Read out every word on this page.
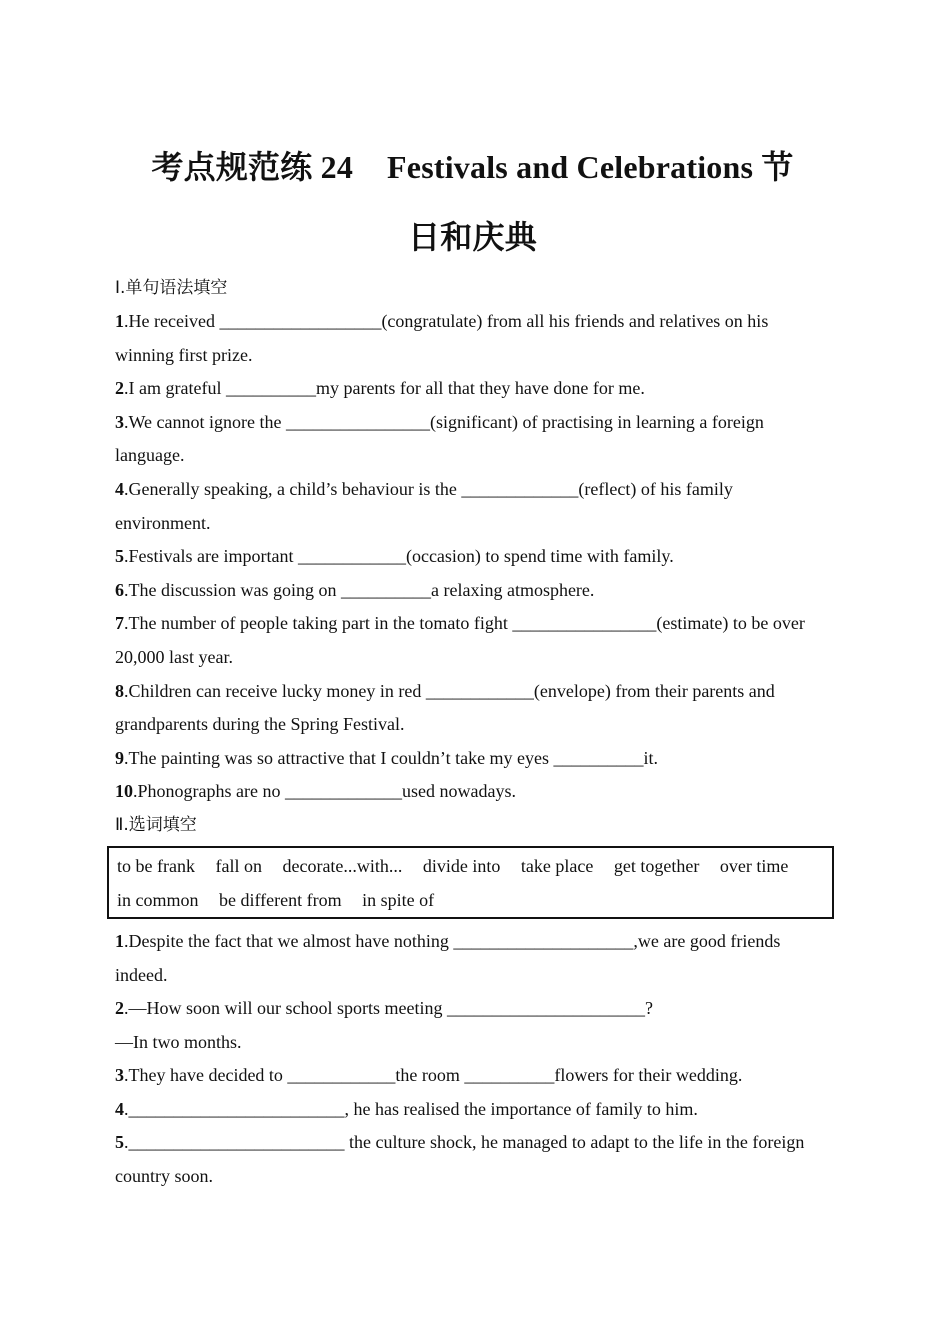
考点规范练 24 Festivals and Celebrations 节
日和庆典

Ⅰ.单句语法填空

1.He received __________________(congratulate) from all his friends and relatives on his winning first prize.

2.I am grateful __________my parents for all that they have done for me.

3.We cannot ignore the ________________(significant) of practising in learning a foreign language.

4.Generally speaking, a child’s behaviour is the _____________(reflect) of his family environment.

5.Festivals are important ____________(occasion) to spend time with family.

6.The discussion was going on __________a relaxing atmosphere.

7.The number of people taking part in the tomato fight ________________(estimate) to be over 20,000 last year.

8.Children can receive lucky money in red ____________(envelope) from their parents and grandparents during the Spring Festival.

9.The painting was so attractive that I couldn’t take my eyes __________it.

10.Phonographs are no _____________used nowadays.

Ⅱ.选词填空

to be frank fall on decorate...with... divide into take place get together over time
in common be different from in spite of

1.Despite the fact that we almost have nothing ____________________,we are good friends indeed.

2.—How soon will our school sports meeting ______________________?

—In two months.

3.They have decided to ____________the room __________flowers for their wedding.

4.________________________, he has realised the importance of family to him.

5.________________________ the culture shock, he managed to adapt to the life in the foreign country soon.
